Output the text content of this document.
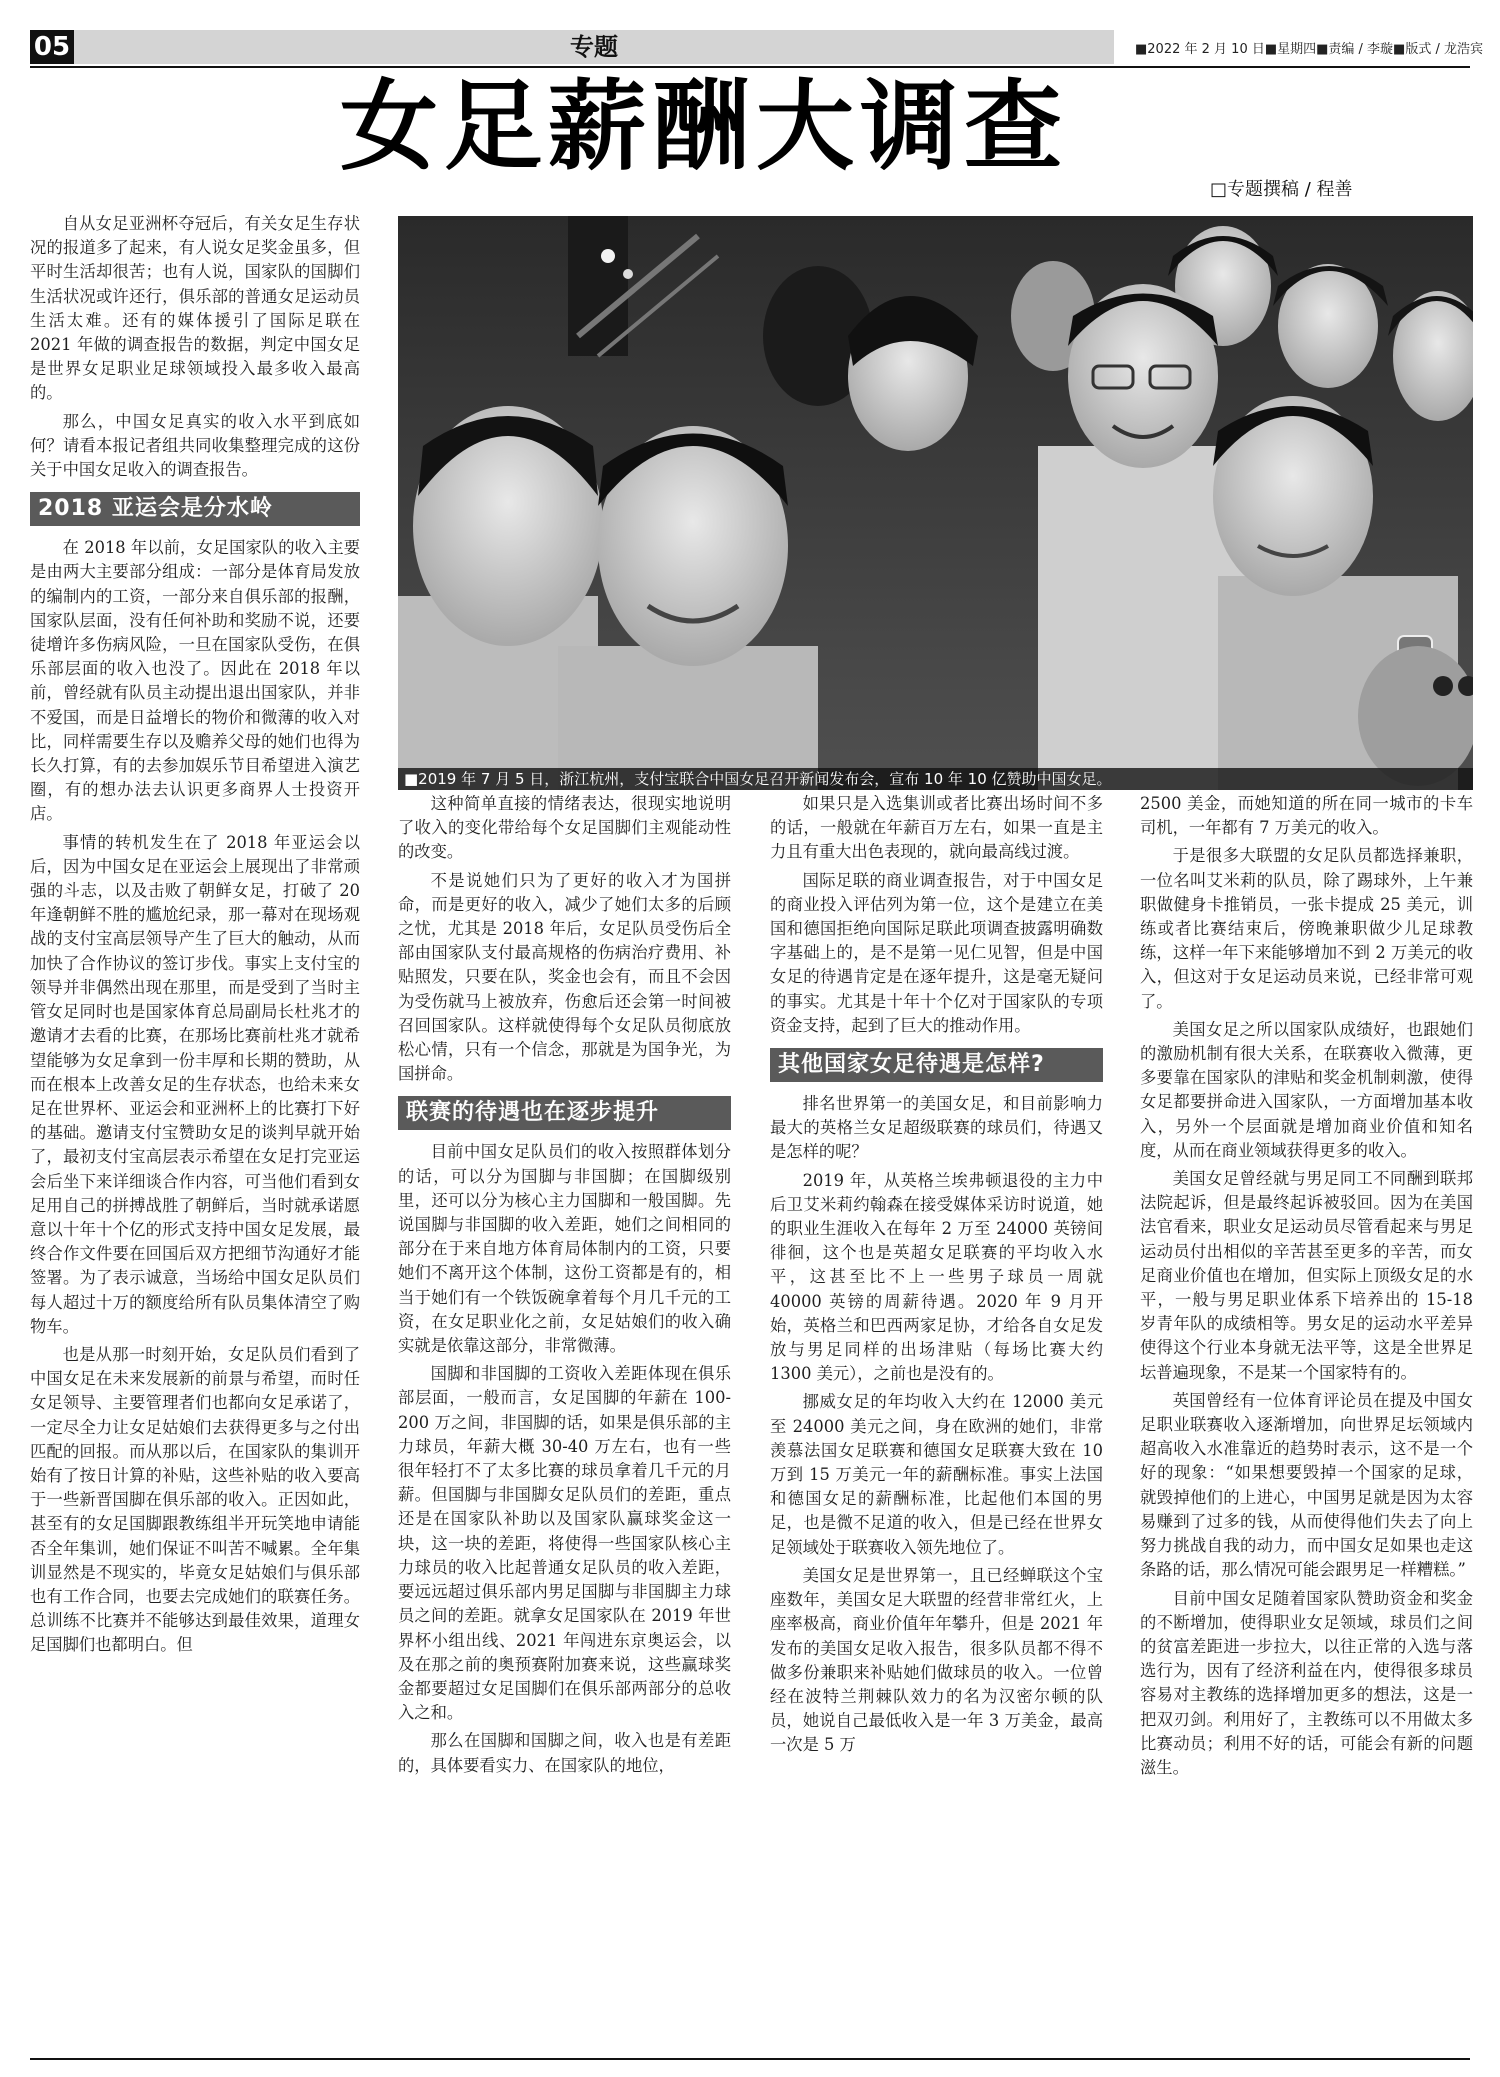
05	专题	■2022 年 2 月 10 日■星期四■责编 / 李璇■版式 / 龙浩宾
女足薪酬大调查
□专题撰稿 / 程善

自从女足亚洲杯夺冠后，有关女足生存状况的报道多了起来，有人说女足奖金虽多，但平时生活却很苦；也有人说，国家队的国脚们生活状况或许还行，俱乐部的普通女足运动员生活太难。还有的媒体援引了国际足联在 2021 年做的调查报告的数据，判定中国女足是世界女足职业足球领域投入最多收入最高的。

那么，中国女足真实的收入水平到底如何？请看本报记者组共同收集整理完成的这份关于中国女足收入的调查报告。

2018 亚运会是分水岭

在 2018 年以前，女足国家队的收入主要是由两大主要部分组成：一部分是体育局发放的编制内的工资，一部分来自俱乐部的报酬，国家队层面，没有任何补助和奖励不说，还要徒增许多伤病风险，一旦在国家队受伤，在俱乐部层面的收入也没了。因此在 2018 年以前，曾经就有队员主动提出退出国家队，并非不爱国，而是日益增长的物价和微薄的收入对比，同样需要生存以及赡养父母的她们也得为长久打算，有的去参加娱乐节目希望进入演艺圈，有的想办法去认识更多商界人士投资开店。

事情的转机发生在了 2018 年亚运会以后，因为中国女足在亚运会上展现出了非常顽强的斗志，以及击败了朝鲜女足，打破了 20 年逢朝鲜不胜的尴尬纪录，那一幕对在现场观战的支付宝高层领导产生了巨大的触动，从而加快了合作协议的签订步伐。事实上支付宝的领导并非偶然出现在那里，而是受到了当时主管女足同时也是国家体育总局副局长杜兆才的邀请才去看的比赛，在那场比赛前杜兆才就希望能够为女足拿到一份丰厚和长期的赞助，从而在根本上改善女足的生存状态，也给未来女足在世界杯、亚运会和亚洲杯上的比赛打下好的基础。邀请支付宝赞助女足的谈判早就开始了，最初支付宝高层表示希望在女足打完亚运会后坐下来详细谈合作内容，可当他们看到女足用自己的拼搏战胜了朝鲜后，当时就承诺愿意以十年十个亿的形式支持中国女足发展，最终合作文件要在回国后双方把细节沟通好才能签署。为了表示诚意，当场给中国女足队员们每人超过十万的额度给所有队员集体清空了购物车。

也是从那一时刻开始，女足队员们看到了中国女足在未来发展新的前景与希望，而时任女足领导、主要管理者们也都向女足承诺了，一定尽全力让女足姑娘们去获得更多与之付出匹配的回报。而从那以后，在国家队的集训开始有了按日计算的补贴，这些补贴的收入要高于一些新晋国脚在俱乐部的收入。正因如此，甚至有的女足国脚跟教练组半开玩笑地申请能否全年集训，她们保证不叫苦不喊累。全年集训显然是不现实的，毕竟女足姑娘们与俱乐部也有工作合同，也要去完成她们的联赛任务。总训练不比赛并不能够达到最佳效果，道理女足国脚们也都明白。但

■2019 年 7 月 5 日，浙江杭州，支付宝联合中国女足召开新闻发布会，宣布 10 年 10 亿赞助中国女足。

这种简单直接的情绪表达，很现实地说明了收入的变化带给每个女足国脚们主观能动性的改变。

不是说她们只为了更好的收入才为国拼命，而是更好的收入，减少了她们太多的后顾之忧，尤其是 2018 年后，女足队员受伤后全部由国家队支付最高规格的伤病治疗费用、补贴照发，只要在队，奖金也会有，而且不会因为受伤就马上被放弃，伤愈后还会第一时间被召回国家队。这样就使得每个女足队员彻底放松心情，只有一个信念，那就是为国争光，为国拼命。

联赛的待遇也在逐步提升

目前中国女足队员们的收入按照群体划分的话，可以分为国脚与非国脚；在国脚级别里，还可以分为核心主力国脚和一般国脚。先说国脚与非国脚的收入差距，她们之间相同的部分在于来自地方体育局体制内的工资，只要她们不离开这个体制，这份工资都是有的，相当于她们有一个铁饭碗拿着每个月几千元的工资，在女足职业化之前，女足姑娘们的收入确实就是依靠这部分，非常微薄。

国脚和非国脚的工资收入差距体现在俱乐部层面，一般而言，女足国脚的年薪在 100-200 万之间，非国脚的话，如果是俱乐部的主力球员，年薪大概 30-40 万左右，也有一些很年轻打不了太多比赛的球员拿着几千元的月薪。但国脚与非国脚女足队员们的差距，重点还是在国家队补助以及国家队赢球奖金这一块，这一块的差距，将使得一些国家队核心主力球员的收入比起普通女足队员的收入差距，要远远超过俱乐部内男足国脚与非国脚主力球员之间的差距。就拿女足国家队在 2019 年世界杯小组出线、2021 年闯进东京奥运会，以及在那之前的奥预赛附加赛来说，这些赢球奖金都要超过女足国脚们在俱乐部两部分的总收入之和。

那么在国脚和国脚之间，收入也是有差距的，具体要看实力、在国家队的地位，

如果只是入选集训或者比赛出场时间不多的话，一般就在年薪百万左右，如果一直是主力且有重大出色表现的，就向最高线过渡。

国际足联的商业调查报告，对于中国女足的商业投入评估列为第一位，这个是建立在美国和德国拒绝向国际足联此项调查披露明确数字基础上的，是不是第一见仁见智，但是中国女足的待遇肯定是在逐年提升，这是毫无疑问的事实。尤其是十年十个亿对于国家队的专项资金支持，起到了巨大的推动作用。

其他国家女足待遇是怎样?

排名世界第一的美国女足，和目前影响力最大的英格兰女足超级联赛的球员们，待遇又是怎样的呢？

2019 年，从英格兰埃弗顿退役的主力中后卫艾米莉约翰森在接受媒体采访时说道，她的职业生涯收入在每年 2 万至 24000 英镑间徘徊，这个也是英超女足联赛的平均收入水平，这甚至比不上一些男子球员一周就 40000 英镑的周薪待遇。2020 年 9 月开始，英格兰和巴西两家足协，才给各自女足发放与男足同样的出场津贴（每场比赛大约 1300 美元），之前也是没有的。

挪威女足的年均收入大约在 12000 美元至 24000 美元之间，身在欧洲的她们，非常羡慕法国女足联赛和德国女足联赛大致在 10 万到 15 万美元一年的薪酬标准。事实上法国和德国女足的薪酬标准，比起他们本国的男足，也是微不足道的收入，但是已经在世界女足领域处于联赛收入领先地位了。

美国女足是世界第一，且已经蝉联这个宝座数年，美国女足大联盟的经营非常红火，上座率极高，商业价值年年攀升，但是 2021 年发布的美国女足收入报告，很多队员都不得不做多份兼职来补贴她们做球员的收入。一位曾经在波特兰荆棘队效力的名为汉密尔顿的队员，她说自己最低收入是一年 3 万美金，最高一次是 5 万

2500 美金，而她知道的所在同一城市的卡车司机，一年都有 7 万美元的收入。

于是很多大联盟的女足队员都选择兼职，一位名叫艾米莉的队员，除了踢球外，上午兼职做健身卡推销员，一张卡提成 25 美元，训练或者比赛结束后，傍晚兼职做少儿足球教练，这样一年下来能够增加不到 2 万美元的收入，但这对于女足运动员来说，已经非常可观了。

美国女足之所以国家队成绩好，也跟她们的激励机制有很大关系，在联赛收入微薄，更多要靠在国家队的津贴和奖金机制刺激，使得女足都要拼命进入国家队，一方面增加基本收入，另外一个层面就是增加商业价值和知名度，从而在商业领域获得更多的收入。

美国女足曾经就与男足同工不同酬到联邦法院起诉，但是最终起诉被驳回。因为在美国法官看来，职业女足运动员尽管看起来与男足运动员付出相似的辛苦甚至更多的辛苦，而女足商业价值也在增加，但实际上顶级女足的水平，一般与男足职业体系下培养出的 15-18 岁青年队的成绩相等。男女足的运动水平差异使得这个行业本身就无法平等，这是全世界足坛普遍现象，不是某一个国家特有的。

英国曾经有一位体育评论员在提及中国女足职业联赛收入逐渐增加，向世界足坛领域内超高收入水准靠近的趋势时表示，这不是一个好的现象：“如果想要毁掉一个国家的足球，就毁掉他们的上进心，中国男足就是因为太容易赚到了过多的钱，从而使得他们失去了向上努力挑战自我的动力，而中国女足如果也走这条路的话，那么情况可能会跟男足一样糟糕。”

目前中国女足随着国家队赞助资金和奖金的不断增加，使得职业女足领域，球员们之间的贫富差距进一步拉大，以往正常的入选与落选行为，因有了经济利益在内，使得很多球员容易对主教练的选择增加更多的想法，这是一把双刃剑。利用好了，主教练可以不用做太多比赛动员；利用不好的话，可能会有新的问题滋生。
